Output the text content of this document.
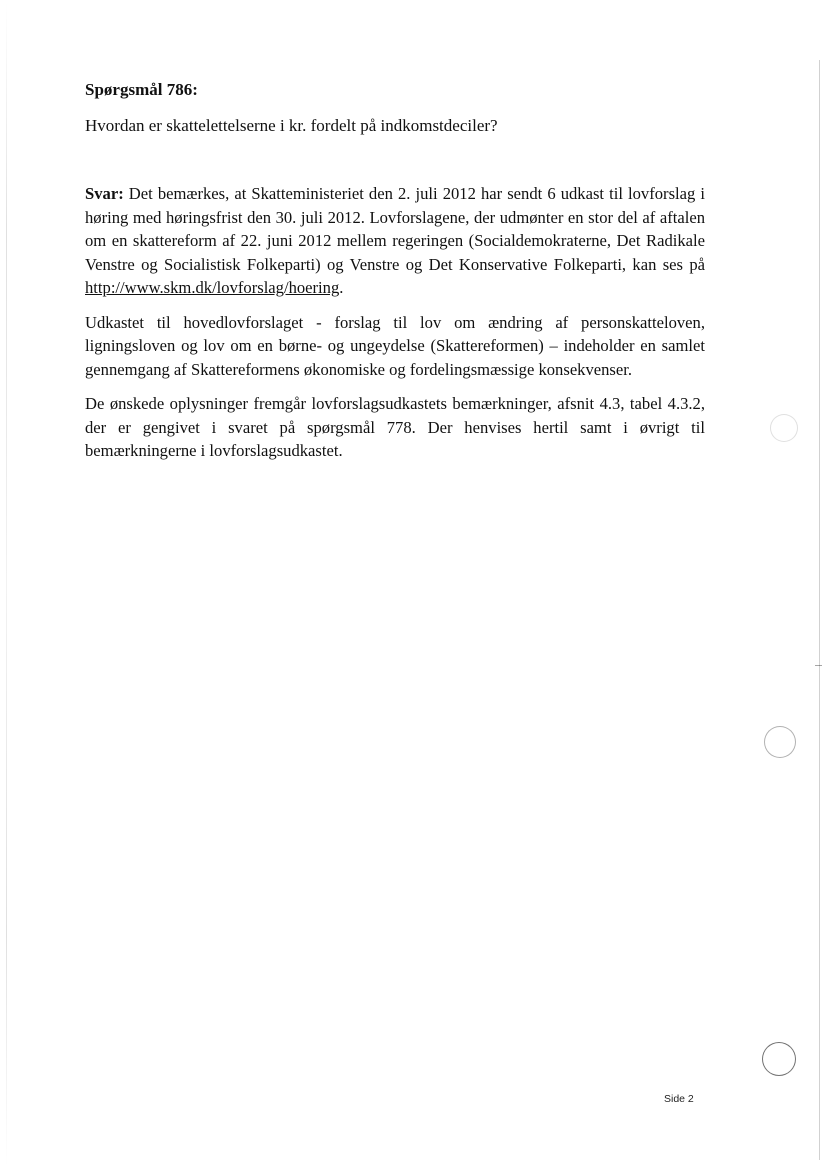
Spørgsmål 786:

Hvordan er skattelettelserne i kr. fordelt på indkomstdeciler?

Svar: Det bemærkes, at Skatteministeriet den 2. juli 2012 har sendt 6 udkast til lovforslag i høring med høringsfrist den 30. juli 2012. Lovforslagene, der udmønter en stor del af aftalen om en skattereform af 22. juni 2012 mellem regeringen (Socialdemokraterne, Det Radikale Venstre og Socialistisk Folkeparti) og Venstre og Det Konservative Folkeparti, kan ses på http://www.skm.dk/lovforslag/hoering.

Udkastet til hovedlovforslaget - forslag til lov om ændring af personskatteloven, ligningsloven og lov om en børne- og ungeydelse (Skattereformen) – indeholder en samlet gennemgang af Skattereformens økonomiske og fordelingsmæssige konsekvenser.

De ønskede oplysninger fremgår lovforslagsudkastets bemærkninger, afsnit 4.3, tabel 4.3.2, der er gengivet i svaret på spørgsmål 778. Der henvises hertil samt i øvrigt til bemærkningerne i lovforslagsudkastet.

Side 2
